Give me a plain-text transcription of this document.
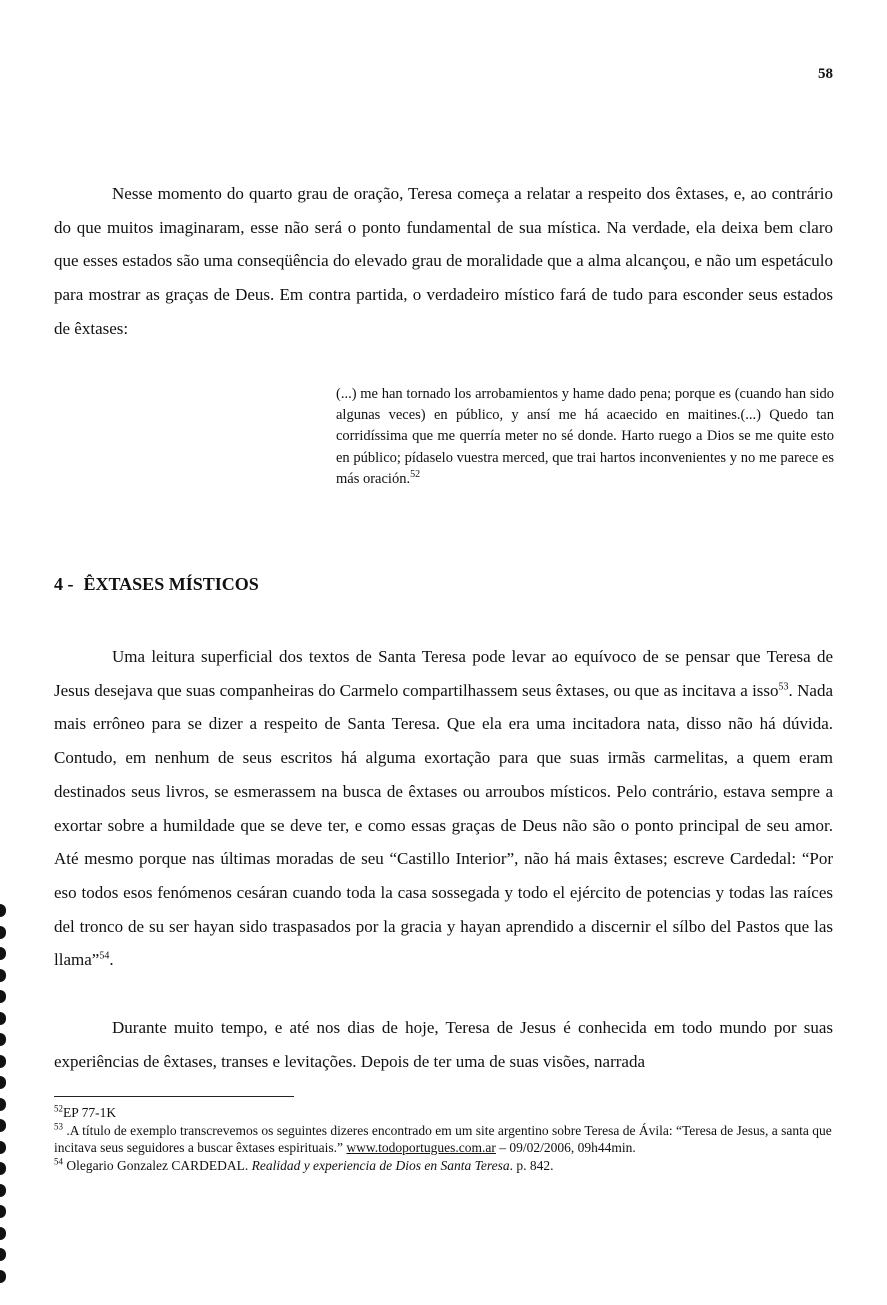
58

Nesse momento do quarto grau de oração, Teresa começa a relatar a respeito dos êxtases, e, ao contrário do que muitos imaginaram, esse não será o ponto fundamental de sua mística. Na verdade, ela deixa bem claro que esses estados são uma conseqüência do elevado grau de moralidade que a alma alcançou, e não um espetáculo para mostrar as graças de Deus. Em contra partida, o verdadeiro místico fará de tudo para esconder seus estados de êxtases:

(...) me han tornado los arrobamientos y hame dado pena; porque es (cuando han sido algunas veces) en público, y ansí me há acaecido en maitines.(...) Quedo tan corridíssima que me querría meter no sé donde. Harto ruego a Dios se me quite esto en público; pídaselo vuestra merced, que trai hartos inconvenientes y no me parece es más oración.$^{52}$

4 - ÊXTASES MÍSTICOS

Uma leitura superficial dos textos de Santa Teresa pode levar ao equívoco de se pensar que Teresa de Jesus desejava que suas companheiras do Carmelo compartilhassem seus êxtases, ou que as incitava a isso$^{53}$. Nada mais errôneo para se dizer a respeito de Santa Teresa. Que ela era uma incitadora nata, disso não há dúvida. Contudo, em nenhum de seus escritos há alguma exortação para que suas irmãs carmelitas, a quem eram destinados seus livros, se esmerassem na busca de êxtases ou arroubos místicos. Pelo contrário, estava sempre a exortar sobre a humildade que se deve ter, e como essas graças de Deus não são o ponto principal de seu amor. Até mesmo porque nas últimas moradas de seu “Castillo Interior”, não há mais êxtases; escreve Cardedal: “Por eso todos esos fenómenos cesáran cuando toda la casa sossegada y todo el ejército de potencias y todas las raíces del tronco de su ser hayan sido traspasados por la gracia y hayan aprendido a discernir el sílbo del Pastos que las llama”$^{54}$.

Durante muito tempo, e até nos dias de hoje, Teresa de Jesus é conhecida em todo mundo por suas experiências de êxtases, transes e levitações. Depois de ter uma de suas visões, narrada

$^{52}$EP 77-1K

$^{53}$ .A título de exemplo transcrevemos os seguintes dizeres encontrado em um site argentino sobre Teresa de Ávila: “Teresa de Jesus, a santa que incitava seus seguidores a buscar êxtases espirituais.” www.todoportugues.com.ar – 09/02/2006, 09h44min.

$^{54}$ Olegario Gonzalez CARDEDAL. Realidad y experiencia de Dios en Santa Teresa. p. 842.
